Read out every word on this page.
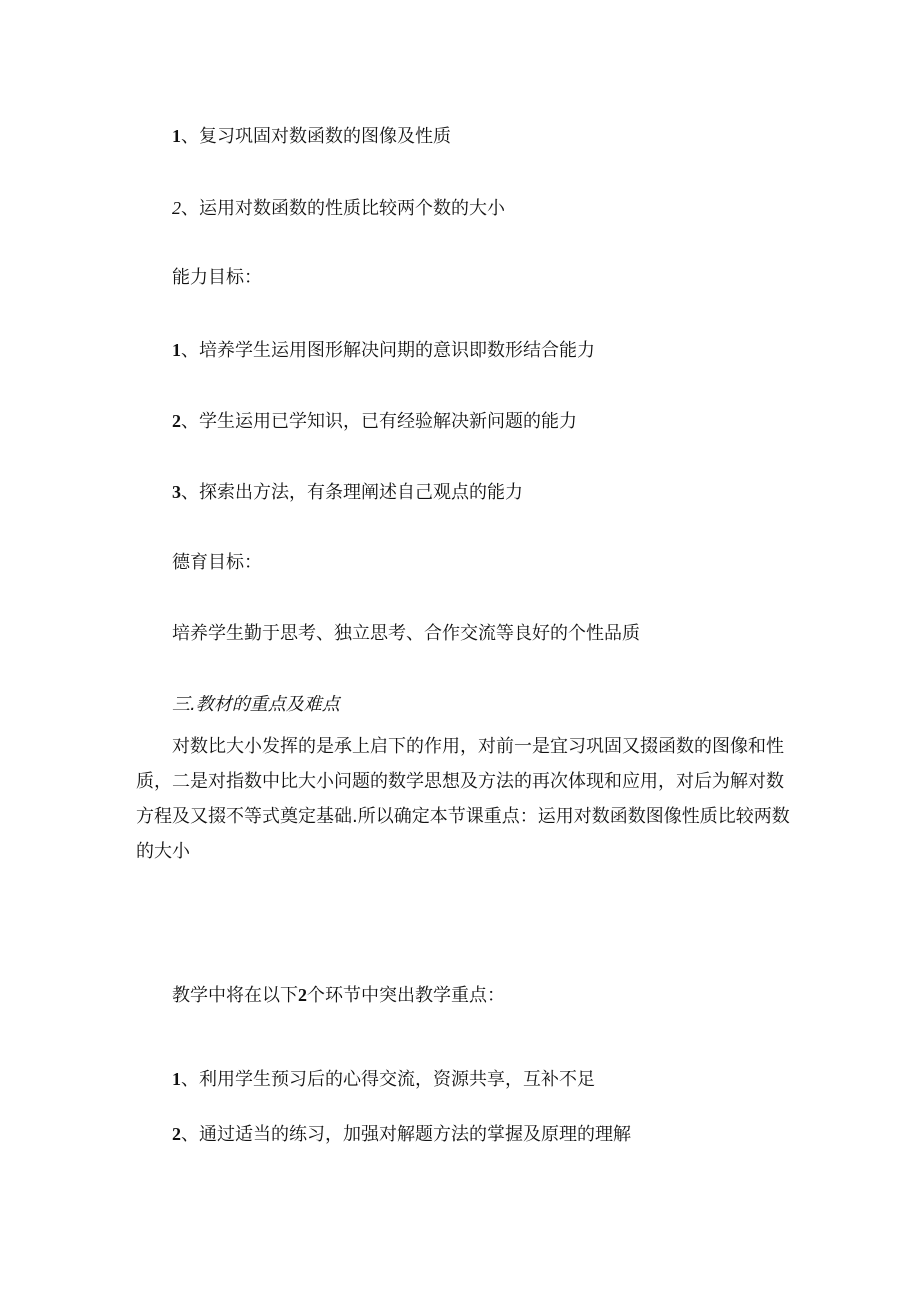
1、复习巩固对数函数的图像及性质
2、运用对数函数的性质比较两个数的大小
能力目标：
1、培养学生运用图形解决问期的意识即数形结合能力
2、学生运用已学知识，已有经验解决新问题的能力
3、探索出方法，有条理阐述自己观点的能力
德育目标：
培养学生勤于思考、独立思考、合作交流等良好的个性品质
三.教材的重点及难点
对数比大小发挥的是承上启下的作用，对前一是宜习巩固又掇函数的图像和性质，二是对指数中比大小问题的数学思想及方法的再次体现和应用，对后为解对数方程及又掇不等式奠定基础.所以确定本节课重点：运用对数函数图像性质比较两数的大小
教学中将在以下2个环节中突出教学重点：
1、利用学生预习后的心得交流，资源共享，互补不足
2、通过适当的练习，加强对解题方法的掌握及原理的理解
